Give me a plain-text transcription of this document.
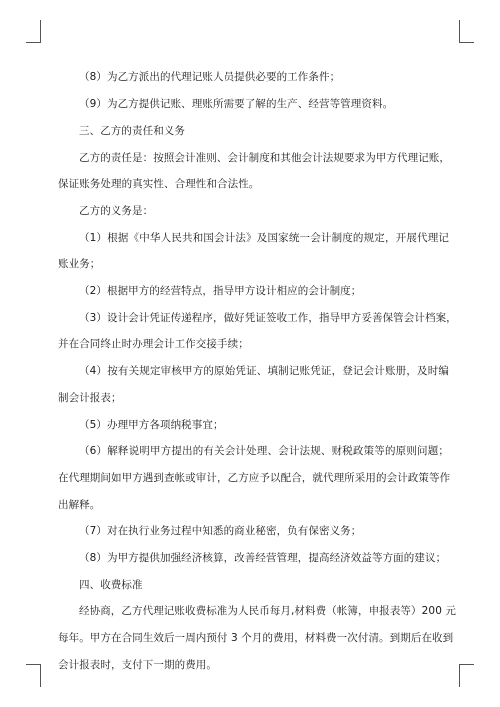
（8）为乙方派出的代理记账人员提供必要的工作条件；
（9）为乙方提供记账、理账所需要了解的生产、经营等管理资料。
三、乙方的责任和义务
乙方的责任是：按照会计准则、会计制度和其他会计法规要求为甲方代理记账，
保证账务处理的真实性、合理性和合法性。
乙方的义务是：
（1）根据《中华人民共和国会计法》及国家统一会计制度的规定，开展代理记
账业务；
（2）根据甲方的经营特点，指导甲方设计相应的会计制度；
（3）设计会计凭证传递程序，做好凭证签收工作，指导甲方妥善保管会计档案，
并在合同终止时办理会计工作交接手续；
（4）按有关规定审核甲方的原始凭证、填制记账凭证，登记会计账册，及时编
制会计报表；
（5）办理甲方各项纳税事宜；
（6）解释说明甲方提出的有关会计处理、会计法规、财税政策等的原则问题；
在代理期间如甲方遇到查帐或审计，乙方应予以配合，就代理所采用的会计政策等作
出解释。
（7）对在执行业务过程中知悉的商业秘密，负有保密义务；
（8）为甲方提供加强经济核算，改善经营管理，提高经济效益等方面的建议；
四、收费标准
经协商，乙方代理记账收费标准为人民币每月,材料费（帐簿，申报表等）200 元
每年。甲方在合同生效后一周内预付 3 个月的费用，材料费一次付清。到期后在收到
会计报表时，支付下一期的费用。
